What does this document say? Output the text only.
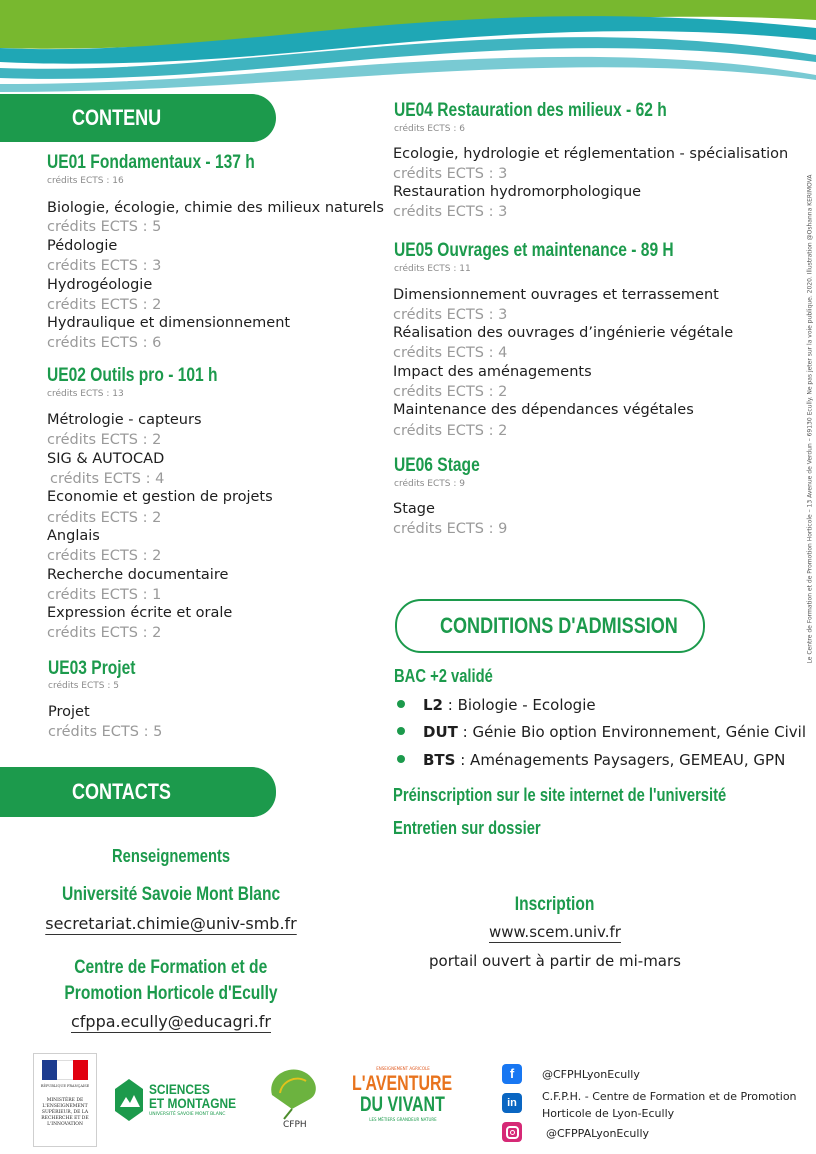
CONTENU
UE01 Fondamentaux - 137 h
crédits ECTS : 16
Biologie, écologie, chimie des milieux naturels
crédits ECTS : 5
Pédologie
crédits ECTS : 3
Hydrogéologie
crédits ECTS : 2
Hydraulique et dimensionnement
crédits ECTS : 6
UE02 Outils pro - 101 h
crédits ECTS : 13
Métrologie - capteurs
crédits ECTS : 2
SIG & AUTOCAD
crédits ECTS : 4
Economie et gestion de projets
crédits ECTS : 2
Anglais
crédits ECTS : 2
Recherche documentaire
crédits ECTS : 1
Expression écrite et orale
crédits ECTS : 2
UE03 Projet
crédits ECTS : 5
Projet
crédits ECTS : 5
UE04 Restauration des milieux - 62 h
crédits ECTS : 6
Ecologie, hydrologie et réglementation - spécialisation
crédits ECTS : 3
Restauration hydromorphologique
crédits ECTS : 3
UE05 Ouvrages et maintenance - 89 H
crédits ECTS : 11
Dimensionnement ouvrages et terrassement
crédits ECTS : 3
Réalisation des ouvrages d’ingénierie végétale
crédits ECTS : 4
Impact des aménagements
crédits ECTS : 2
Maintenance des dépendances végétales
crédits ECTS : 2
UE06 Stage
crédits ECTS : 9
Stage
crédits ECTS : 9	Le Centre de Formation et de Promotion Horticole – 13 Avenue de Verdun – 69130 Écully. Ne pas jeter sur la voie publique. 2020. Illustration @Oshanna KERIMOVA
CONDITIONS D'ADMISSION
BAC +2 validé
L2 : Biologie - Ecologie
DUT : Génie Bio option Environnement, Génie Civil
BTS : Aménagements Paysagers, GEMEAU, GPN
Préinscription sur le site internet de l'université
Entretien sur dossier
CONTACTS
Renseignements
Université Savoie Mont Blanc
secretariat.chimie@univ-smb.fr
Centre de Formation et de
Promotion Horticole d'Ecully
cfppa.ecully@educagri.fr
Inscription
www.scem.univ.fr
portail ouvert à partir de mi-mars
RÉPUBLIQUE FRANÇAISE
MINISTÈRE DE L'ENSEIGNEMENT SUPÉRIEUR, DE LA RECHERCHE ET DE L'INNOVATION
SCIENCES
ET MONTAGNE
UNIVERSITÉ SAVOIE MONT BLANC
CFPH
ENSEIGNEMENT AGRICOLE
L'AVENTURE
DU VIVANT
LES MÉTIERS GRANDEUR NATURE
f	@CFPHLyonEcully
in	C.F.P.H. - Centre de Formation et de Promotion
Horticole de Lyon-Ecully
@CFPPALyonEcully
